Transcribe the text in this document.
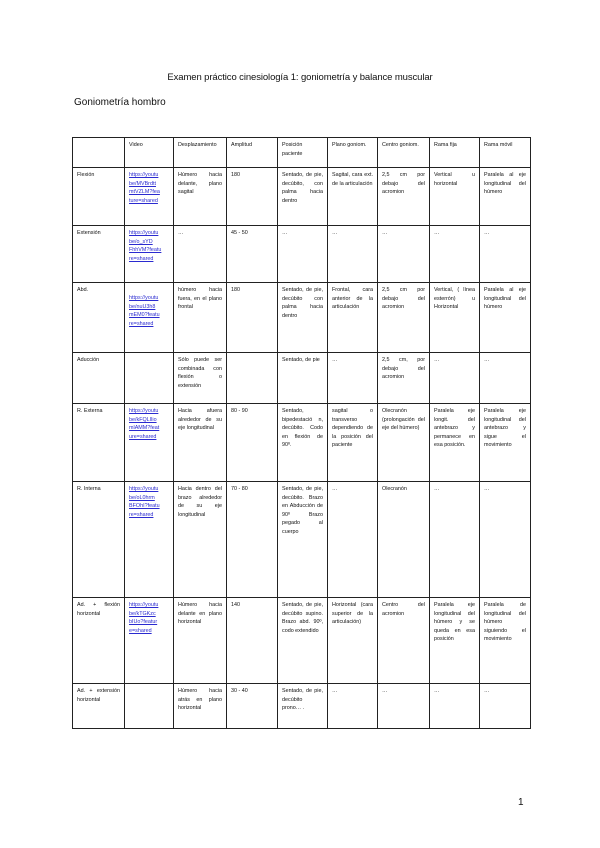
Examen práctico cinesiología 1: goniometría y balance muscular
Goniometría hombro
	Video	Desplazamiento	Amplitud	Posición paciente	Plano goniom.	Centro goniom.	Rama fija	Rama móvil
Flexión	https://youtu be/MVBrdtt mtVZLM?fea ture=shared	Húmero hacia delante, plano sagital	180	Sentado, de pie, decúbito, con palma hacia dentro	Sagital, cara ext. de la articulación	2,5 cm por debajo del acromion	Vertical u horizontal	Paralela al eje longitudinal del húmero
Extensión	https://youtu be/o_sYD FhhVM?featu re=shared	…	45 - 50	…	…	…	…	…
Abd.	https://youtu be/nuU3h8 mEM0?featu re=shared	húmero hacia fuera, en el plano frontal	180	Sentado, de pie, decúbito con palma hacia dentro	Frontal, cara anterior de la articulación	2,5 cm por debajo del acromion	Vertical, ( línea esterrón) u Horizontal	Paralela al eje longitudinal del húmero
Aducción		Sólo puede ser combinada con flexión o extensión		Sentado, de pie	…	2,5 cm, por debajo del acromion	…	…
R. Externa	https://youtu be/kFQLIlio mlAMM?feat ure=shared	Hacia afuera alrededor de su eje longitudinal	80 - 90	Sentado, bipedestació n, decúbito. Codo en flexión de 90º.	sagital o transverso dependiendo de la posición del paciente	Olecranón (prolongación del eje del húmero)	Paralela eje longit. del antebrazo y permanece en esa posición.	Paralela eje longitudinal del antebrazo y sigue el movimiento
R. Interna	https://youtu be/oL0hrm BFOhI?featu re=shared	Hacia dentro del brazo alrededor de su eje longitudinal	70 - 80	Sentado, de pie, decúbito. Brazo en Abducción de 90º Brazo pegado al cuerpo	…	Olecranón	…	…
Ad. + flexión horizontal	https://youtu be/kTGKzc bIUo?featur e=shared	Húmero hacia delante en plano horizontal	140	Sentado, de pie, decúbito supino. Brazo abd. 90º, codo extendido	Horizontal (cara superior de la articulación)	Centro del acromion	Paralela eje longitudinal del húmero y se queda en esa posición	Paralela de longitudinal del húmero siguiendo el movimiento
Ad. + extensión horizontal		Húmero hacia atrás en plano horizontal	30 - 40	Sentado, de pie, decúbito prono… .	…	…	…	…
1
